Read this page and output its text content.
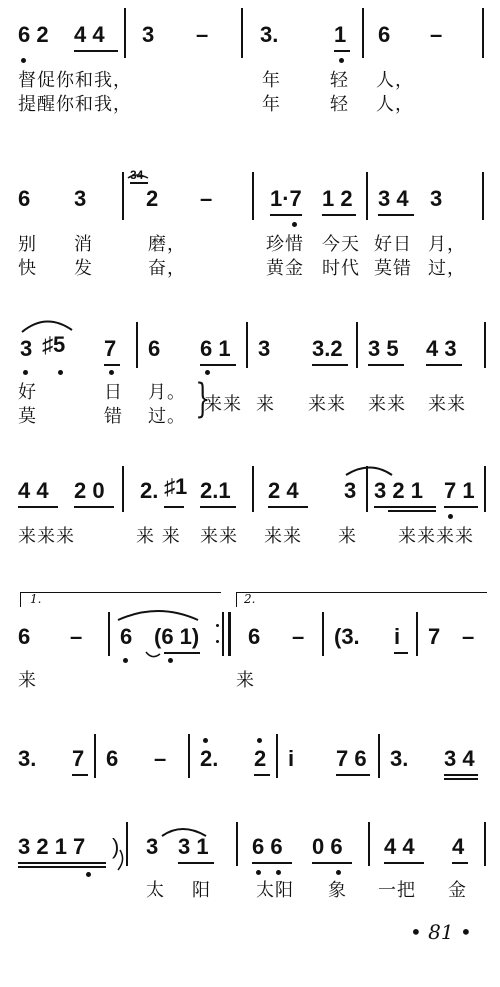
6 2 4 4 3 – 3.	1 6 –
督促你和我，	年	轻 人，
提醒你和我，	年	轻 人，
6 3
34
2 –	1·7 1 2 3 4 3
别 消	磨，	珍惜 今天 好日 月，
快 发	奋，	黄金 时代 莫错 过，
3 ♯5 7 6 6 1 3 3.2 3 5 4 3
好	日 月。
莫	错 过。 }
来来 来 来来 来来 来来
4 4 2 0 2. ♯1 2.1 2 4 3 3 2 1 7 1
来来来	来 来 来来 来来 来 来来来来
1.	2.
6 – 6 (6 1) 6 – (3. i 7 –
来	来
3. 7 6 – 2. 2 i 7 6 3. 3 4
3 2 1 7 ) 3 3 1 6 6 0 6 4 4 4
太 阳	太阳 象 一把 金
• 81 •
